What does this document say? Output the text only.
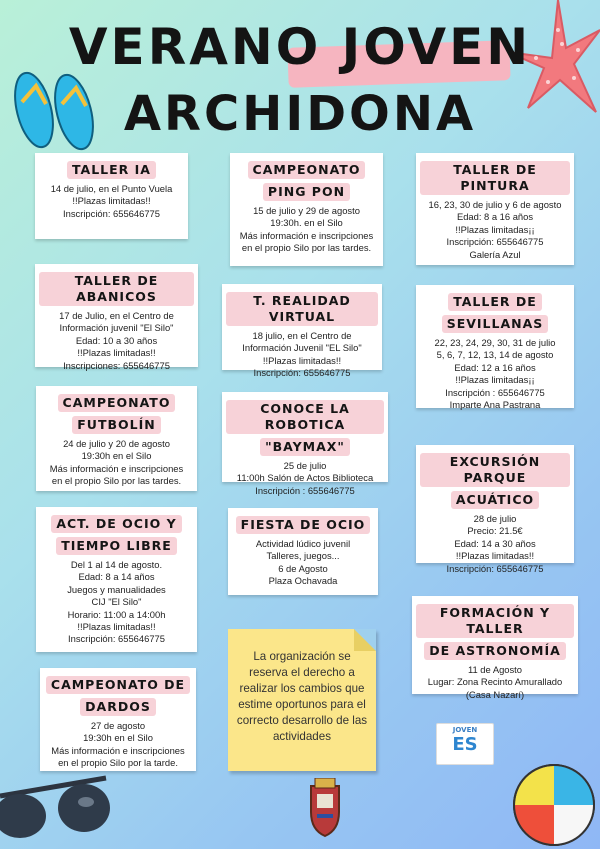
VERANO JOVEN
ARCHIDONA
TALLER IA
14 de julio, en el Punto Vuela
!!Plazas limitadas!!
Inscripción: 655646775
CAMPEONATO
PING PON
15 de julio y 29 de agosto
19:30h. en el Silo
Más información e inscripciones
en el propio Silo por las tardes.
TALLER DE PINTURA
16, 23, 30 de julio y 6 de agosto
Edad: 8 a 16 años
!!Plazas limitadas¡¡
Inscripción: 655646775
Galería Azul
TALLER DE ABANICOS
17 de Julio, en el Centro de
Información juvenil "El Silo"
Edad: 10 a 30 años
!!Plazas limitadas!!
Inscripciones: 655646775
T. REALIDAD VIRTUAL
18 julio, en el Centro de
Información Juvenil "EL Silo"
!!Plazas limitadas!!
Inscripción: 655646775
TALLER DE
SEVILLANAS
22, 23, 24, 29, 30, 31 de julio
5, 6, 7, 12, 13, 14 de agosto
Edad: 12 a 16 años
!!Plazas limitadas¡¡
Inscripción : 655646775
Imparte Ana Pastrana
CAMPEONATO
FUTBOLÍN
24 de julio y 20 de agosto
19:30h en el Silo
Más información e inscripciones
en el propio Silo por las tardes.
CONOCE LA ROBOTICA
"BAYMAX"
25 de julio
11:00h Salón de Actos Biblioteca
Inscripción : 655646775
EXCURSIÓN PARQUE
ACUÁTICO
28 de julio
Precio: 21.5€
Edad: 14 a 30 años
!!Plazas limitadas!!
Inscripción: 655646775
ACT. DE OCIO Y
TIEMPO LIBRE
Del 1 al 14 de agosto.
Edad: 8 a 14 años
Juegos y manualidades
CIJ "El Silo"
Horario: 11:00 a 14:00h
!!Plazas limitadas!!
Inscripción: 655646775
FIESTA DE OCIO
Actividad lúdico juvenil
Talleres, juegos...
6 de Agosto
Plaza Ochavada
FORMACIÓN Y TALLER
DE ASTRONOMÍA
11 de Agosto
Lugar: Zona Recinto Amurallado
(Casa Nazarí)
CAMPEONATO DE
DARDOS
27 de agosto
19:30h en el Silo
Más información e inscripciones
en el propio Silo por la tarde.
La organización se reserva el derecho a realizar los cambios que estime oportunos para el correcto desarrollo de las actividades	JOVEN
ES
